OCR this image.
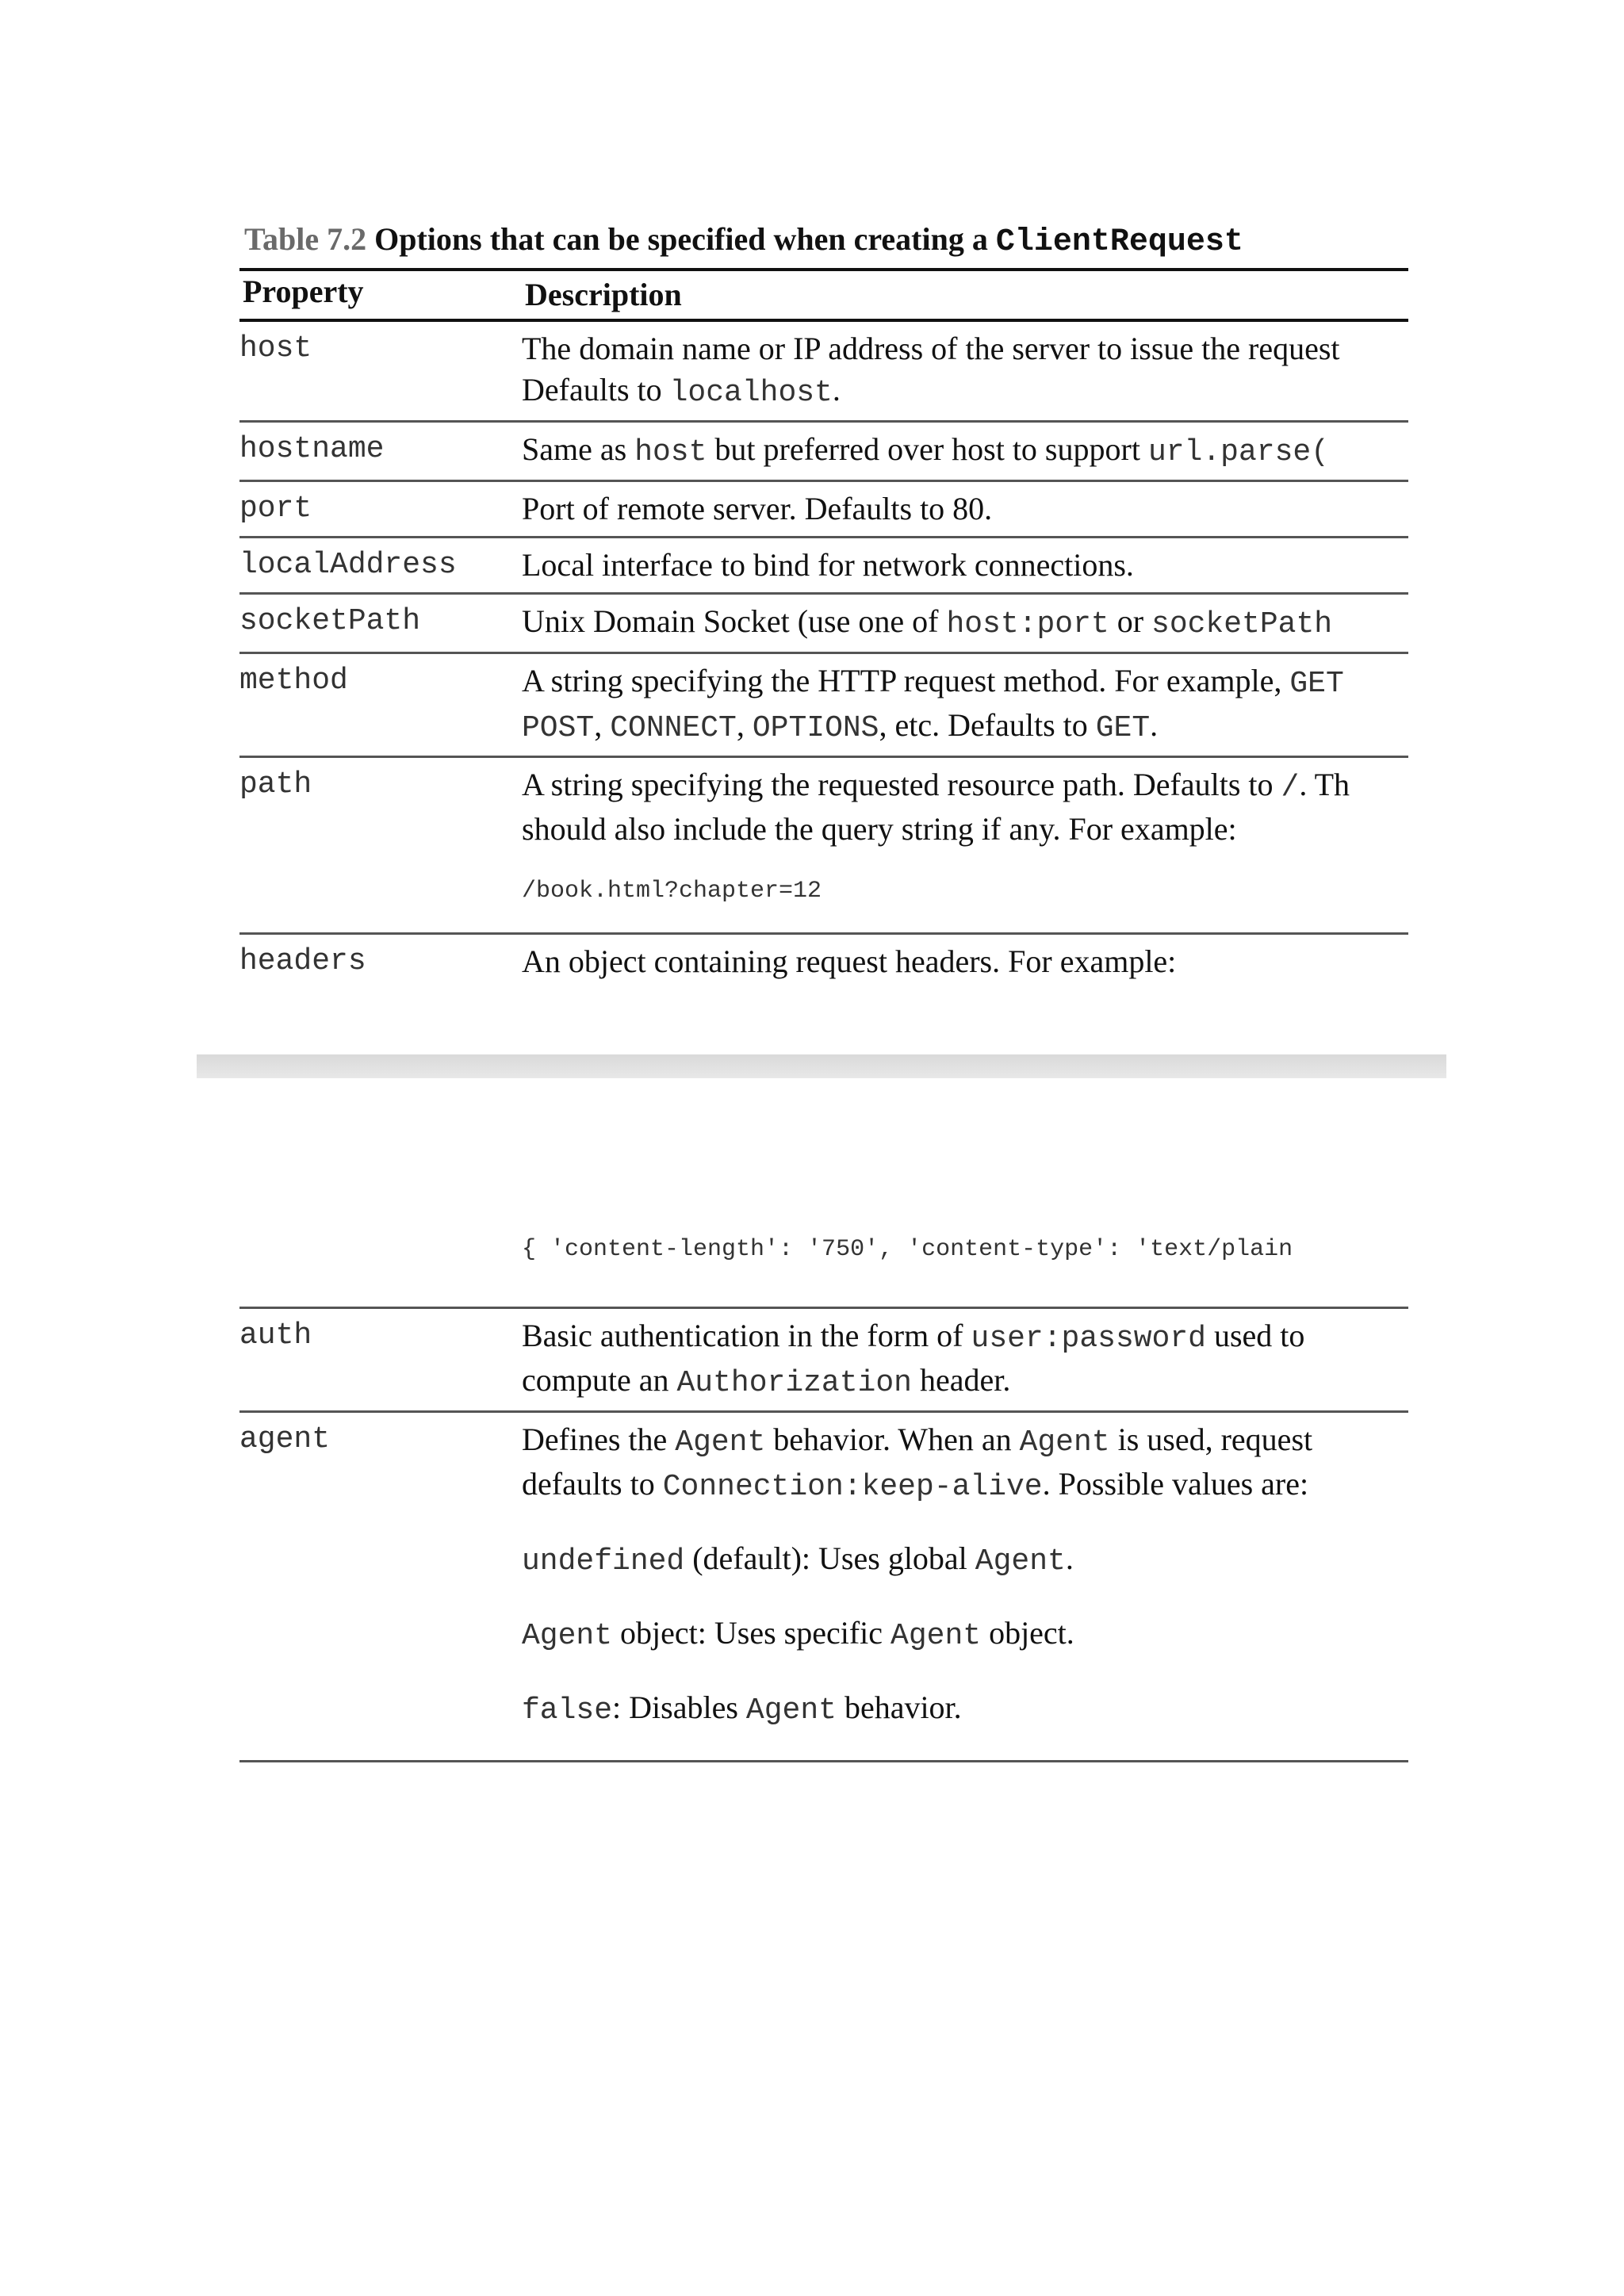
Table 7.2 Options that can be specified when creating a ClientRequest
Property	Description
host	The domain name or IP address of the server to issue the request
Defaults to localhost.
hostname	Same as host but preferred over host to support url.parse(
port	Port of remote server. Defaults to 80.
localAddress	Local interface to bind for network connections.
socketPath	Unix Domain Socket (use one of host:port or socketPath
method	A string specifying the HTTP request method. For example, GET
POST, CONNECT, OPTIONS, etc. Defaults to GET.
path	A string specifying the requested resource path. Defaults to /. Th
should also include the query string if any. For example:
/book.html?chapter=12
headers	An object containing request headers. For example:
{ 'content-length': '750', 'content-type': 'text/plain
auth	Basic authentication in the form of user:password used to
compute an Authorization header.
agent	Defines the Agent behavior. When an Agent is used, request
defaults to Connection:keep-alive. Possible values are:
undefined (default): Uses global Agent.
Agent object: Uses specific Agent object.
false: Disables Agent behavior.
